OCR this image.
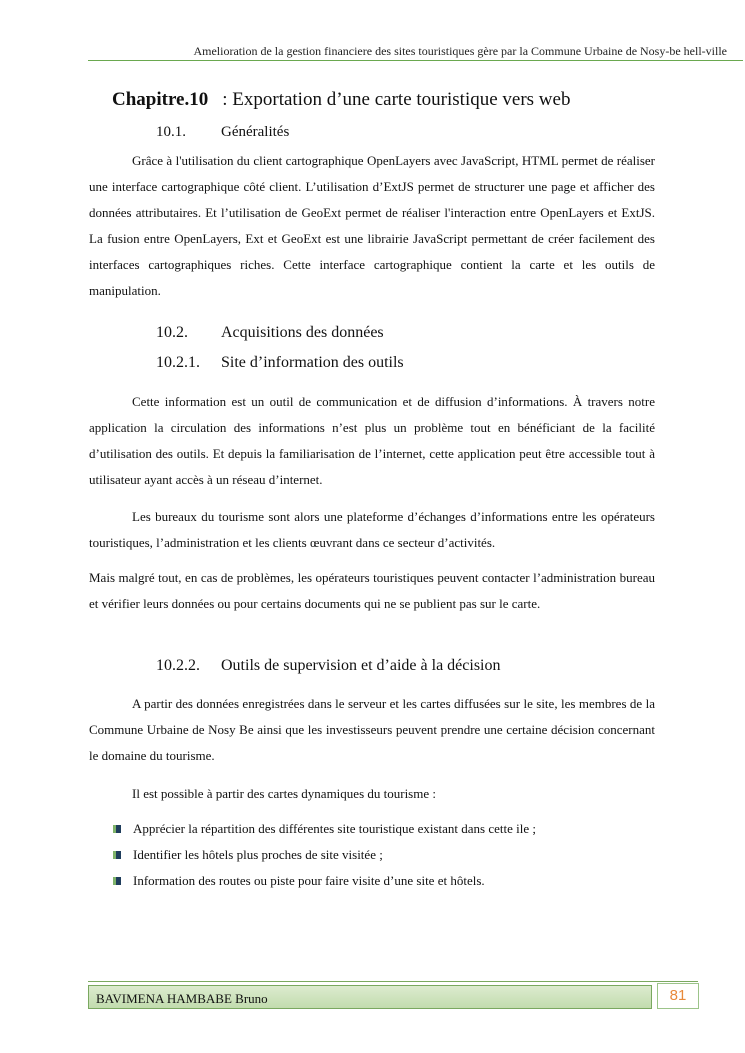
Amelioration de la gestion financiere des sites touristiques gère par la Commune Urbaine de Nosy-be hell-ville
Chapitre.10 : Exportation d’une carte touristique vers web
10.1. Généralités
Grâce à l'utilisation du client cartographique OpenLayers avec JavaScript, HTML permet de réaliser une interface cartographique côté client. L’utilisation d’ExtJS permet de structurer une page et afficher des données attributaires. Et l’utilisation de GeoExt permet de réaliser l'interaction entre OpenLayers et ExtJS. La fusion entre OpenLayers, Ext et GeoExt est une librairie JavaScript permettant de créer facilement des interfaces cartographiques riches. Cette interface cartographique contient la carte et les outils de manipulation.
10.2. Acquisitions des données
10.2.1. Site d’information des outils
Cette information est un outil de communication et de diffusion d’informations. À travers notre application la circulation des informations n’est plus un problème tout en bénéficiant de la facilité d’utilisation des outils. Et depuis la familiarisation de l’internet, cette application peut être accessible tout à utilisateur ayant accès à un réseau d’internet.
Les bureaux du tourisme sont alors une plateforme d’échanges d’informations entre les opérateurs touristiques, l’administration et les clients œuvrant dans ce secteur d’activités.
Mais malgré tout, en cas de problèmes, les opérateurs touristiques peuvent contacter l’administration bureau et vérifier leurs données ou pour certains documents qui ne se publient pas sur le carte.
10.2.2. Outils de supervision et d’aide à la décision
A partir des données enregistrées dans le serveur et les cartes diffusées sur le site, les membres de la Commune Urbaine de Nosy Be ainsi que les investisseurs peuvent prendre une certaine décision concernant le domaine du tourisme.
Il est possible à partir des cartes dynamiques du tourisme :
Apprécier la répartition des différentes site touristique existant dans cette ile ;
Identifier les hôtels plus proches de site visitée ;
Information des routes ou piste pour faire visite d’une site et hôtels.
BAVIMENA HAMBABE Bruno	81
